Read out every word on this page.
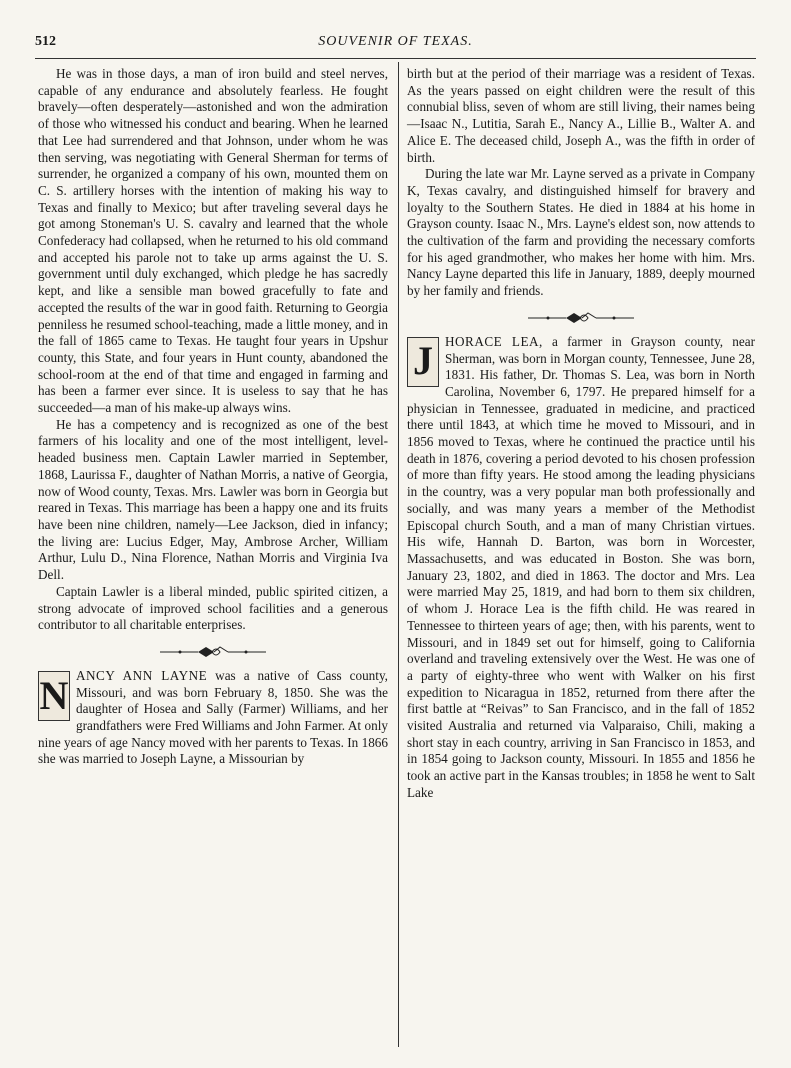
512	SOUVENIR OF TEXAS.

He was in those days, a man of iron build and steel nerves, capable of any endurance and absolutely fearless. He fought bravely—often desperately—astonished and won the admiration of those who witnessed his conduct and bearing. When he learned that Lee had surrendered and that Johnson, under whom he was then serving, was negotiating with General Sherman for terms of surrender, he organized a company of his own, mounted them on C. S. artillery horses with the intention of making his way to Texas and finally to Mexico; but after traveling several days he got among Stoneman's U. S. cavalry and learned that the whole Confederacy had collapsed, when he returned to his old command and accepted his parole not to take up arms against the U. S. government until duly exchanged, which pledge he has sacredly kept, and like a sensible man bowed gracefully to fate and accepted the results of the war in good faith. Returning to Georgia penniless he resumed school-teaching, made a little money, and in the fall of 1865 came to Texas. He taught four years in Upshur county, this State, and four years in Hunt county, abandoned the school-room at the end of that time and engaged in farming and has been a farmer ever since. It is useless to say that he has succeeded—a man of his make-up always wins.

He has a competency and is recognized as one of the best farmers of his locality and one of the most intelligent, level-headed business men. Captain Lawler married in September, 1868, Laurissa F., daughter of Nathan Morris, a native of Georgia, now of Wood county, Texas. Mrs. Lawler was born in Georgia but reared in Texas. This marriage has been a happy one and its fruits have been nine children, namely—Lee Jackson, died in infancy; the living are: Lucius Edger, May, Ambrose Archer, William Arthur, Lulu D., Nina Florence, Nathan Morris and Virginia Iva Dell.

Captain Lawler is a liberal minded, public spirited citizen, a strong advocate of improved school facilities and a generous contributor to all charitable enterprises.

N ANCY ANN LAYNE was a native of Cass county, Missouri, and was born February 8, 1850. She was the daughter of Hosea and Sally (Farmer) Williams, and her grandfathers were Fred Williams and John Farmer. At only nine years of age Nancy moved with her parents to Texas. In 1866 she was married to Joseph Layne, a Missourian by

birth but at the period of their marriage was a resident of Texas. As the years passed on eight children were the result of this connubial bliss, seven of whom are still living, their names being—Isaac N., Lutitia, Sarah E., Nancy A., Lillie B., Walter A. and Alice E. The deceased child, Joseph A., was the fifth in order of birth.

During the late war Mr. Layne served as a private in Company K, Texas cavalry, and distinguished himself for bravery and loyalty to the Southern States. He died in 1884 at his home in Grayson county. Isaac N., Mrs. Layne's eldest son, now attends to the cultivation of the farm and providing the necessary comforts for his aged grandmother, who makes her home with him. Mrs. Nancy Layne departed this life in January, 1889, deeply mourned by her family and friends.

J HORACE LEA, a farmer in Grayson county, near Sherman, was born in Morgan county, Tennessee, June 28, 1831. His father, Dr. Thomas S. Lea, was born in North Carolina, November 6, 1797. He prepared himself for a physician in Tennessee, graduated in medicine, and practiced there until 1843, at which time he moved to Missouri, and in 1856 moved to Texas, where he continued the practice until his death in 1876, covering a period devoted to his chosen profession of more than fifty years. He stood among the leading physicians in the country, was a very popular man both professionally and socially, and was many years a member of the Methodist Episcopal church South, and a man of many Christian virtues. His wife, Hannah D. Barton, was born in Worcester, Massachusetts, and was educated in Boston. She was born, January 23, 1802, and died in 1863. The doctor and Mrs. Lea were married May 25, 1819, and had born to them six children, of whom J. Horace Lea is the fifth child. He was reared in Tennessee to thirteen years of age; then, with his parents, went to Missouri, and in 1849 set out for himself, going to California overland and traveling extensively over the West. He was one of a party of eighty-three who went with Walker on his first expedition to Nicaragua in 1852, returned from there after the first battle at “Reivas” to San Francisco, and in the fall of 1852 visited Australia and returned via Valparaiso, Chili, making a short stay in each country, arriving in San Francisco in 1853, and in 1854 going to Jackson county, Missouri. In 1855 and 1856 he took an active part in the Kansas troubles; in 1858 he went to Salt Lake
